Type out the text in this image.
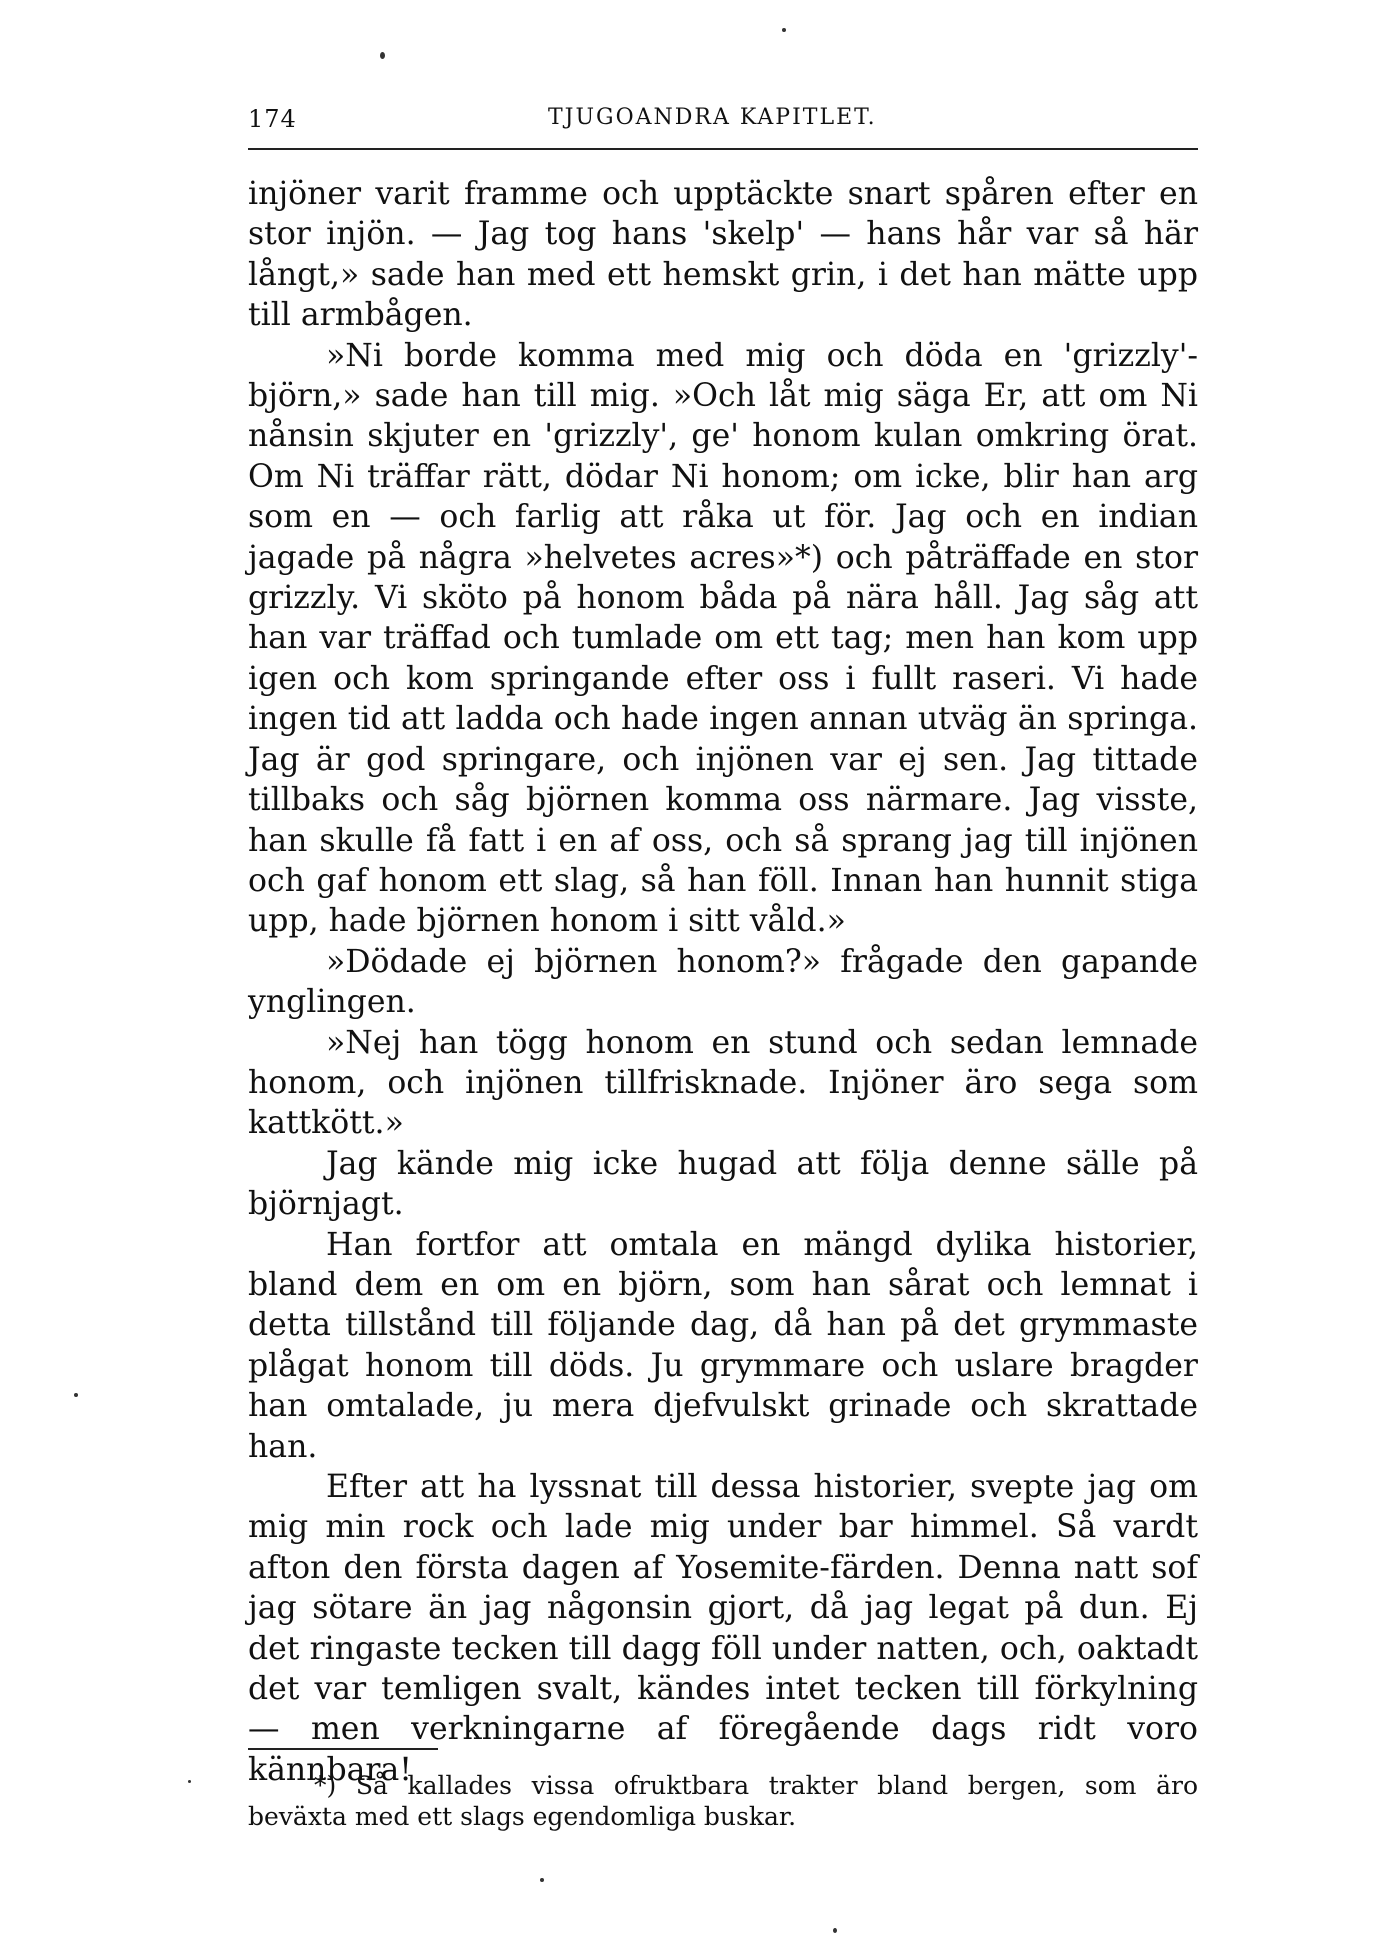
174	TJUGOANDRA KAPITLET.

injöner varit framme och upptäckte snart spåren efter en stor injön. — Jag tog hans 'skelp' — hans hår var så här långt,» sade han med ett hemskt grin, i det han mätte upp till armbågen.

»Ni borde komma med mig och döda en 'grizzly'-björn,» sade han till mig. »Och låt mig säga Er, att om Ni nånsin skjuter en 'grizzly', ge' honom kulan omkring örat. Om Ni träffar rätt, dödar Ni honom; om icke, blir han arg som en — och farlig att råka ut för. Jag och en indian jagade på några »helvetes acres»*) och påträffade en stor grizzly. Vi sköto på honom båda på nära håll. Jag såg att han var träffad och tumlade om ett tag; men han kom upp igen och kom springande efter oss i fullt raseri. Vi hade ingen tid att ladda och hade ingen annan utväg än springa. Jag är god springare, och injönen var ej sen. Jag tittade tillbaks och såg björnen komma oss närmare. Jag visste, han skulle få fatt i en af oss, och så sprang jag till injönen och gaf honom ett slag, så han föll. Innan han hunnit stiga upp, hade björnen honom i sitt våld.»

»Dödade ej björnen honom?» frågade den gapande ynglingen.

»Nej han tögg honom en stund och sedan lemnade honom, och injönen tillfrisknade. Injöner äro sega som kattkött.»

Jag kände mig icke hugad att följa denne sälle på björnjagt.

Han fortfor att omtala en mängd dylika historier, bland dem en om en björn, som han sårat och lemnat i detta tillstånd till följande dag, då han på det grymmaste plågat honom till döds. Ju grymmare och uslare bragder han omtalade, ju mera djefvulskt grinade och skrattade han.

Efter att ha lyssnat till dessa historier, svepte jag om mig min rock och lade mig under bar himmel. Så vardt afton den första dagen af Yosemite-färden. Denna natt sof jag sötare än jag någonsin gjort, då jag legat på dun. Ej det ringaste tecken till dagg föll under natten, och, oaktadt det var temligen svalt, kändes intet tecken till förkylning — men verkningarne af föregående dags ridt voro kännbara!

*) Så kallades vissa ofruktbara trakter bland bergen, som äro beväxta med ett slags egendomliga buskar.
